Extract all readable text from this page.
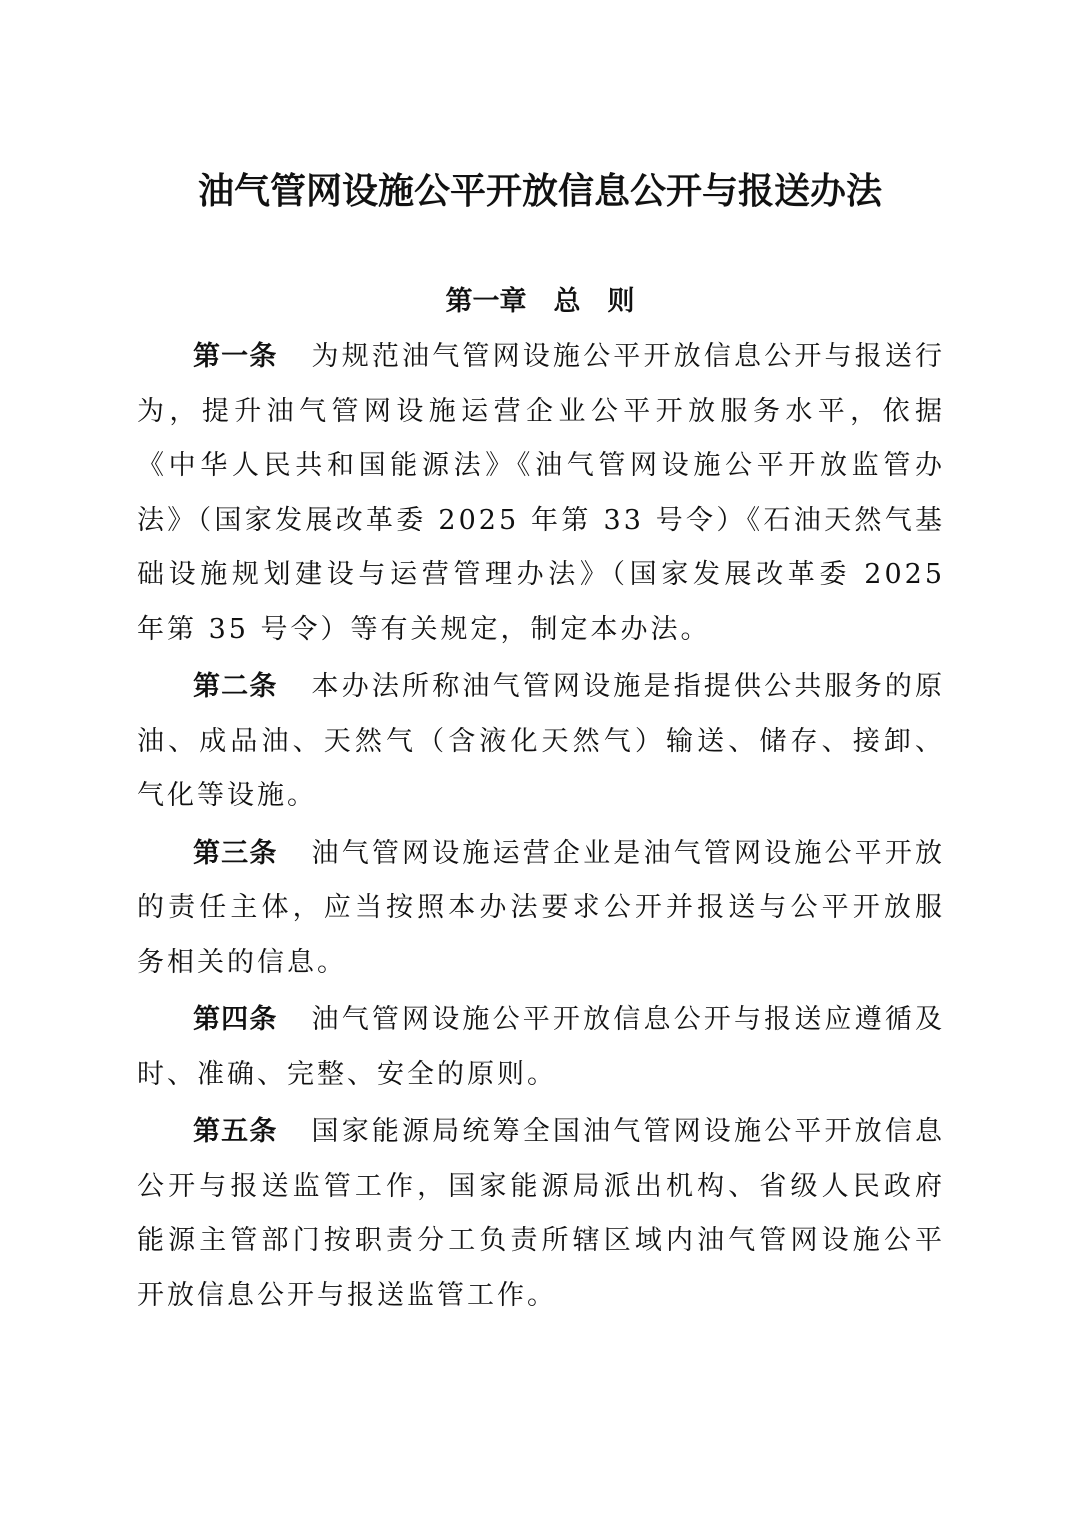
油气管网设施公平开放信息公开与报送办法
第一章　总　则

第一条 为规范油气管网设施公平开放信息公开与报送行为，提升油气管网设施运营企业公平开放服务水平，依据《中华人民共和国能源法》《油气管网设施公平开放监管办法》（国家发展改革委 2025 年第 33 号令）《石油天然气基础设施规划建设与运营管理办法》（国家发展改革委 2025 年第 35 号令）等有关规定，制定本办法。

第二条 本办法所称油气管网设施是指提供公共服务的原油、成品油、天然气（含液化天然气）输送、储存、接卸、气化等设施。

第三条 油气管网设施运营企业是油气管网设施公平开放的责任主体，应当按照本办法要求公开并报送与公平开放服务相关的信息。

第四条 油气管网设施公平开放信息公开与报送应遵循及时、准确、完整、安全的原则。

第五条 国家能源局统筹全国油气管网设施公平开放信息公开与报送监管工作，国家能源局派出机构、省级人民政府能源主管部门按职责分工负责所辖区域内油气管网设施公平开放信息公开与报送监管工作。
